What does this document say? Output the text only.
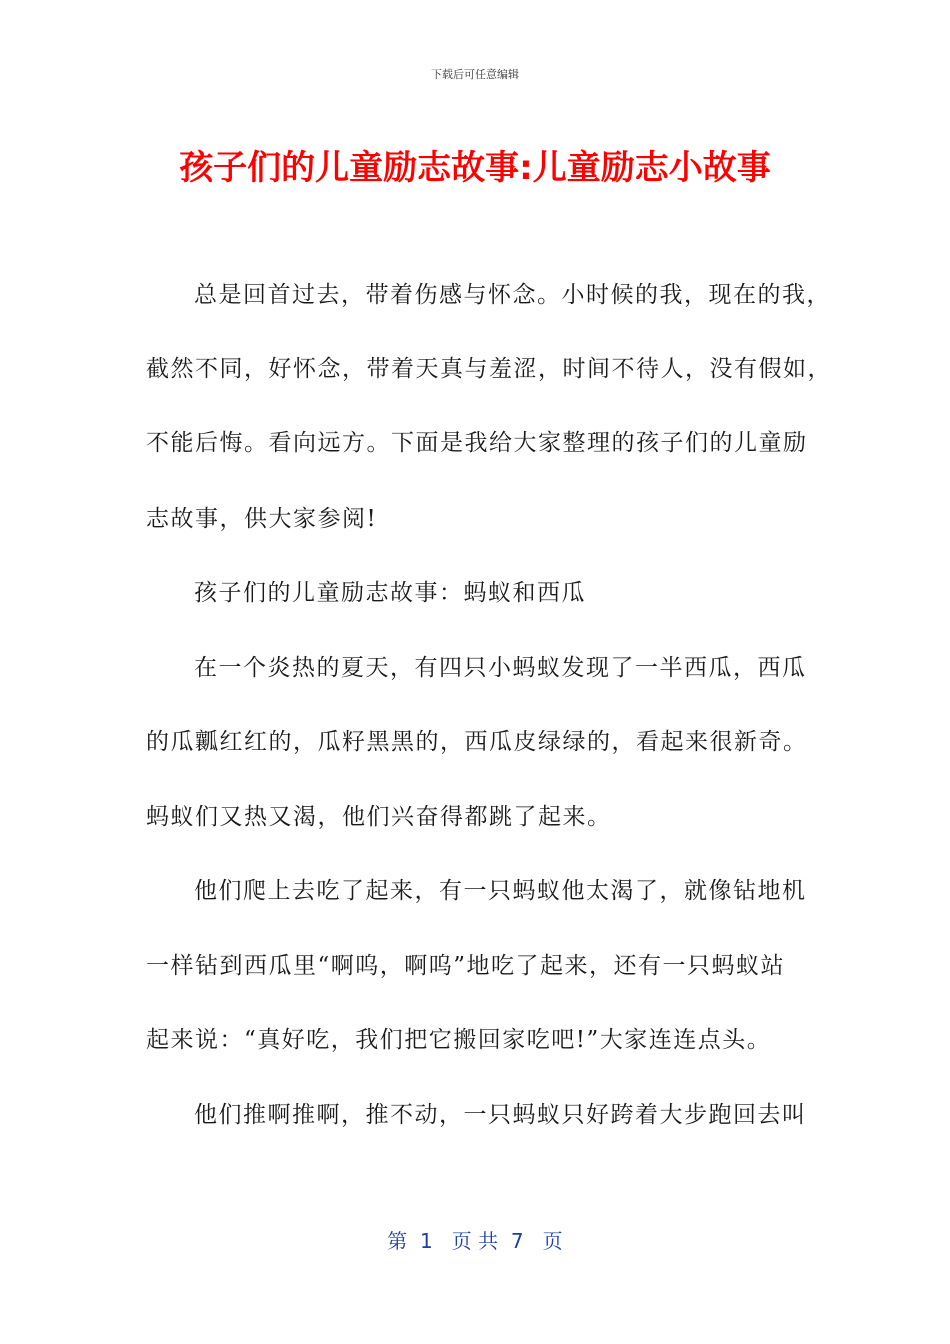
下载后可任意编辑
孩子们的儿童励志故事:儿童励志小故事
总是回首过去，带着伤感与怀念。小时候的我，现在的我，
截然不同，好怀念，带着天真与羞涩，时间不待人，没有假如，
不能后悔。看向远方。下面是我给大家整理的孩子们的儿童励
志故事，供大家参阅!
孩子们的儿童励志故事：蚂蚁和西瓜
在一个炎热的夏天，有四只小蚂蚁发现了一半西瓜，西瓜
的瓜瓤红红的，瓜籽黑黑的，西瓜皮绿绿的，看起来很新奇。
蚂蚁们又热又渴，他们兴奋得都跳了起来。
他们爬上去吃了起来，有一只蚂蚁他太渴了，就像钻地机
一样钻到西瓜里“啊呜，啊呜”地吃了起来，还有一只蚂蚁站
起来说：“真好吃，我们把它搬回家吃吧!”大家连连点头。
他们推啊推啊，推不动，一只蚂蚁只好跨着大步跑回去叫
第  1   页 共  7   页
